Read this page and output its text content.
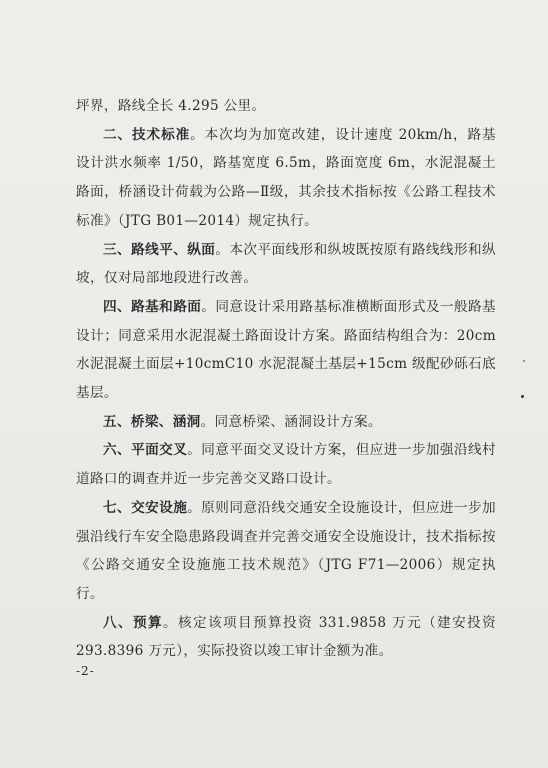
坪界，路线全长 4.295 公里。

二、技术标准。本次均为加宽改建，设计速度 20km/h，路基设计洪水频率 1/50，路基宽度 6.5m，路面宽度 6m，水泥混凝土路面，桥涵设计荷载为公路—Ⅱ级，其余技术指标按《公路工程技术标准》（JTG B01—2014）规定执行。

三、路线平、纵面。本次平面线形和纵坡既按原有路线线形和纵坡，仅对局部地段进行改善。

四、路基和路面。同意设计采用路基标准横断面形式及一般路基设计；同意采用水泥混凝土路面设计方案。路面结构组合为：20cm 水泥混凝土面层+10cmC10 水泥混凝土基层+15cm 级配砂砾石底基层。

五、桥梁、涵洞。同意桥梁、涵洞设计方案。

六、平面交叉。同意平面交叉设计方案，但应进一步加强沿线村道路口的调查并近一步完善交叉路口设计。

七、交安设施。原则同意沿线交通安全设施设计，但应进一步加强沿线行车安全隐患路段调查并完善交通安全设施设计，技术指标按《公路交通安全设施施工技术规范》（JTG F71—2006）规定执行。

八、预算。核定该项目预算投资 331.9858 万元（建安投资 293.8396 万元），实际投资以竣工审计金额为准。

-2-
